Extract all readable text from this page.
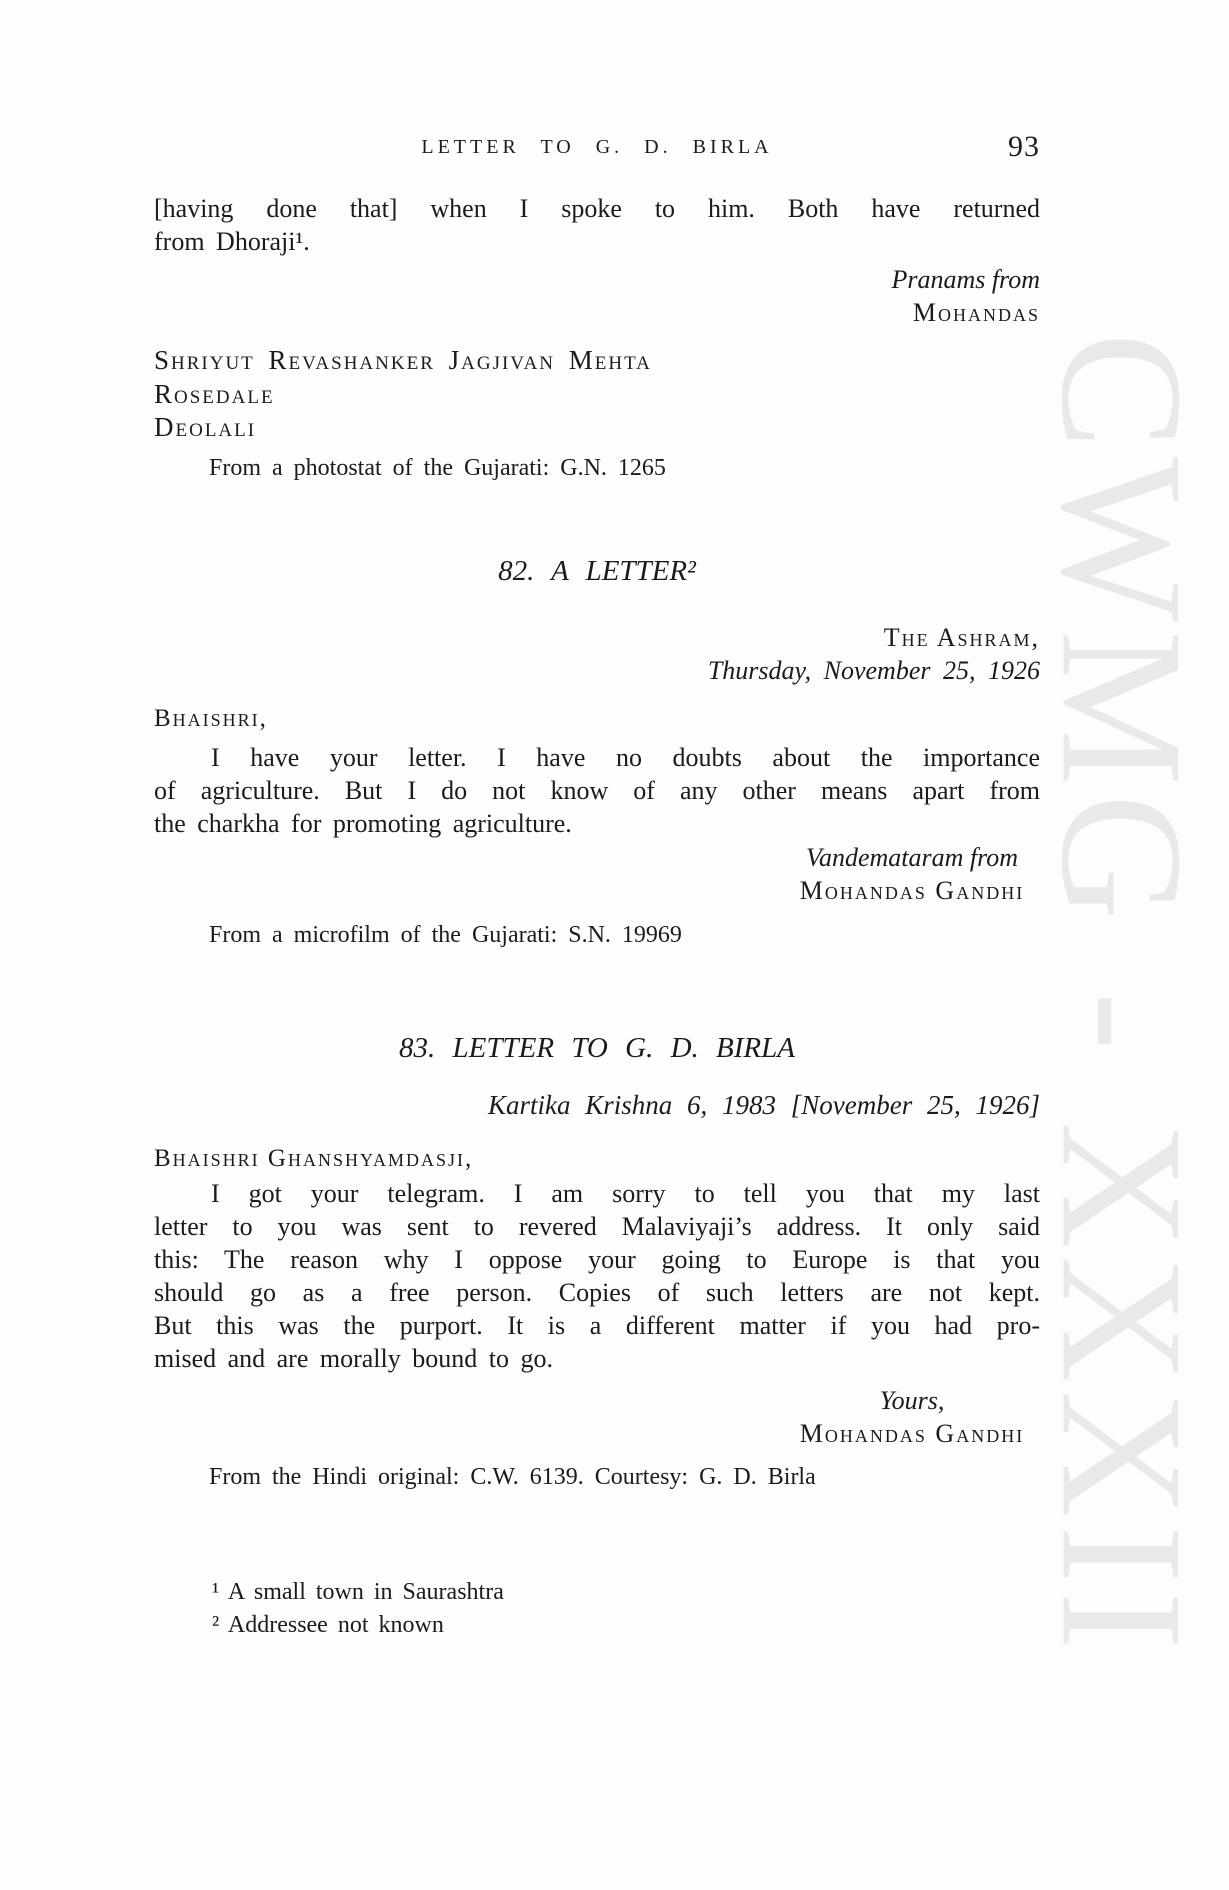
CWMG - XXXII
LETTER TO G. D. BIRLA	93
[having done that] when I spoke to him. Both have returned
from Dhoraji¹.
Pranams from
Mohandas
Shriyut Revashanker Jagjivan Mehta
Rosedale
Deolali
From a photostat of the Gujarati: G.N. 1265
82. A LETTER²
The Ashram,
Thursday, November 25, 1926
Bhaishri,
I have your letter. I have no doubts about the importance
of agriculture. But I do not know of any other means apart from
the charkha for promoting agriculture.
Vandemataram from
Mohandas Gandhi
From a microfilm of the Gujarati: S.N. 19969
83. LETTER TO G. D. BIRLA
Kartika Krishna 6, 1983 [November 25, 1926]
Bhaishri Ghanshyamdasji,
I got your telegram. I am sorry to tell you that my last
letter to you was sent to revered Malaviyaji’s address. It only said
this: The reason why I oppose your going to Europe is that you
should go as a free person. Copies of such letters are not kept.
But this was the purport. It is a different matter if you had pro-
mised and are morally bound to go.
Yours,
Mohandas Gandhi
From the Hindi original: C.W. 6139. Courtesy: G. D. Birla
¹ A small town in Saurashtra
² Addressee not known
